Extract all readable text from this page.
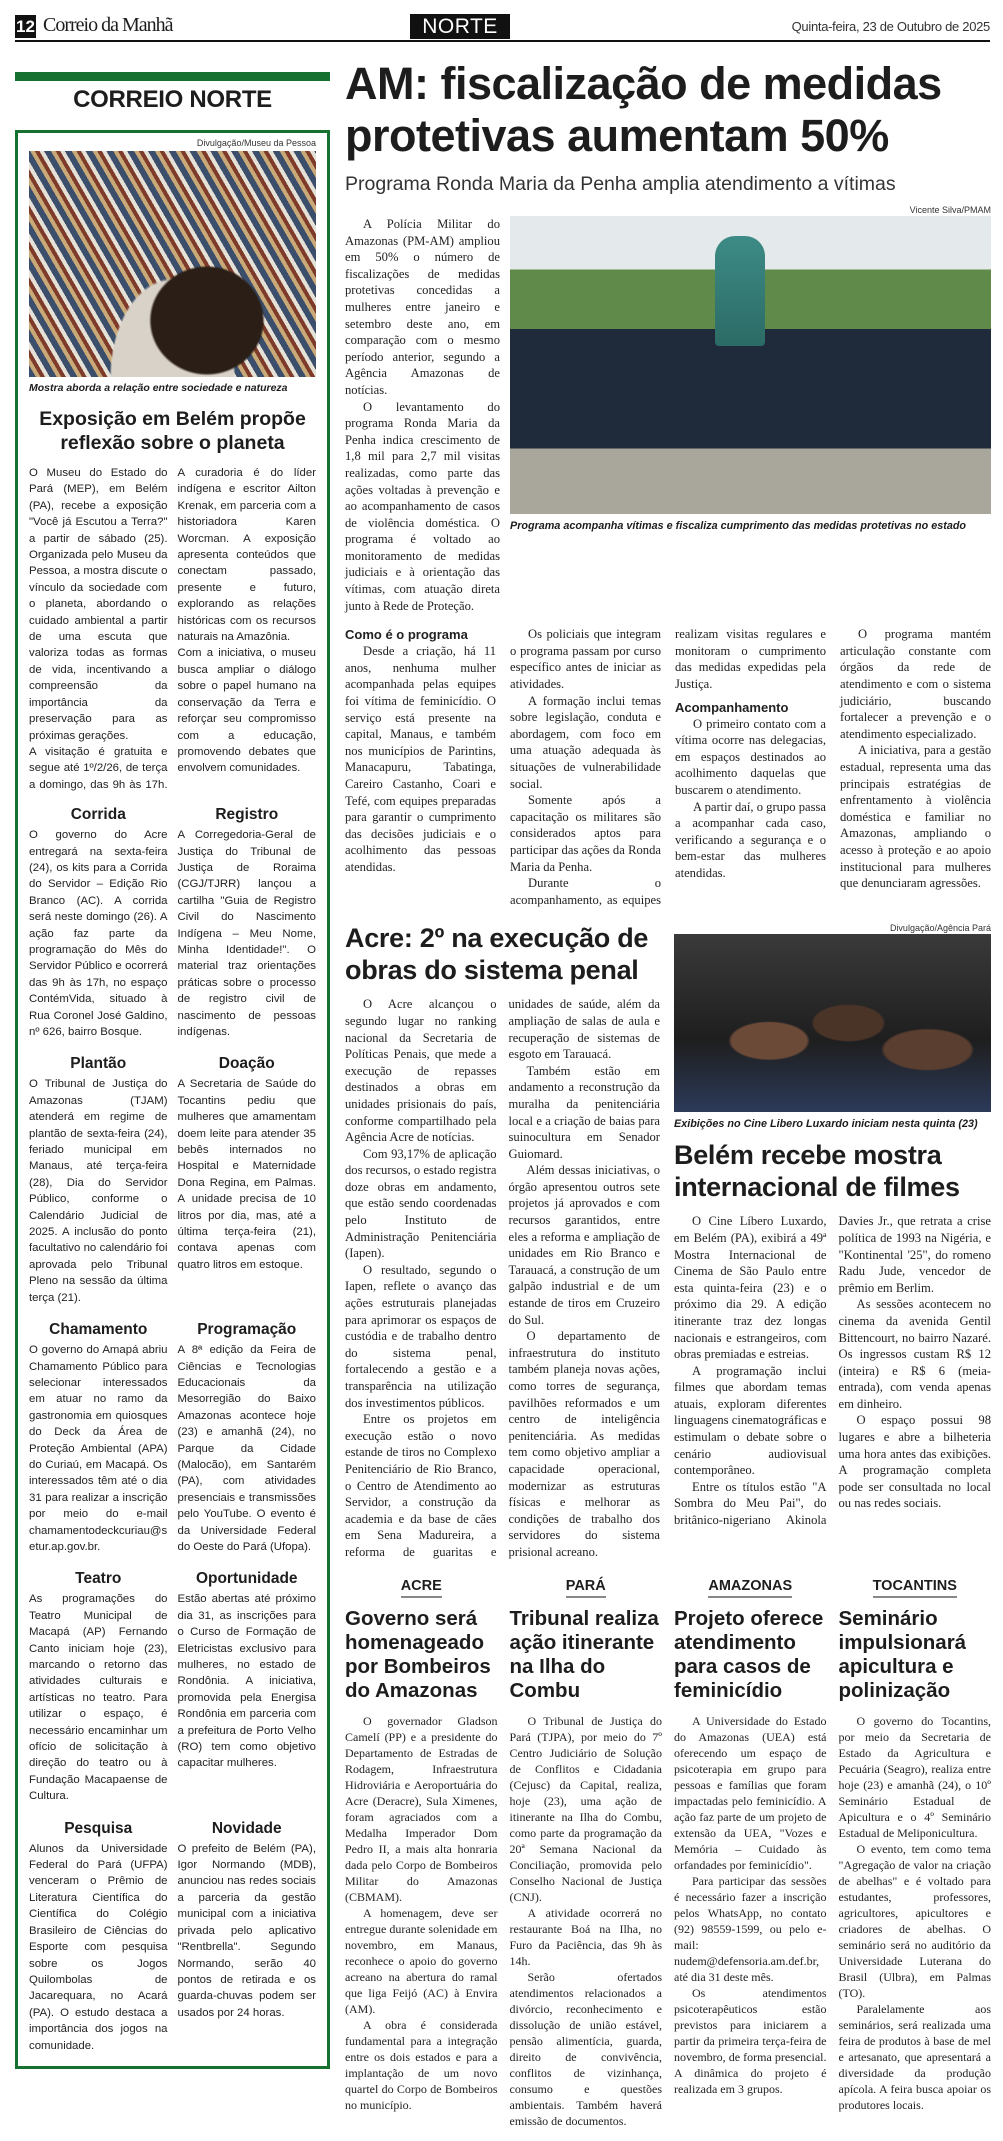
12 Correio da Manhã	NORTE	Quinta-feira, 23 de Outubro de 2025
CORREIO NORTE
Divulgação/Museu da Pessoa
Mostra aborda a relação entre sociedade e natureza
Exposição em Belém propõe reflexão sobre o planeta

O Museu do Estado do Pará (MEP), em Belém (PA), recebe a exposição "Você já Escutou a Terra?" a partir de sábado (25). Organizada pelo Museu da Pessoa, a mostra discute o vínculo da sociedade com o planeta, abordando o cuidado ambiental a partir de uma escuta que valoriza todas as formas de vida, incentivando a compreensão da importância da preservação para as próximas gerações.

A visitação é gratuita e segue até 1º/2/26, de terça a domingo, das 9h às 17h. A curadoria é do líder indígena e escritor Ailton Krenak, em parceria com a historiadora Karen Worcman. A exposição apresenta conteúdos que conectam passado, presente e futuro, explorando as relações históricas com os recursos naturais na Amazônia.

Com a iniciativa, o museu busca ampliar o diálogo sobre o papel humano na conservação da Terra e reforçar seu compromisso com a educação, promovendo debates que envolvem comunidades.

Corrida

O governo do Acre entregará na sexta-feira (24), os kits para a Corrida do Servidor – Edição Rio Branco (AC). A corrida será neste domingo (26). A ação faz parte da programação do Mês do Servidor Público e ocorrerá das 9h às 17h, no espaço ContémVida, situado à Rua Coronel José Galdino, nº 626, bairro Bosque.

Registro

A Corregedoria-Geral de Justiça do Tribunal de Justiça de Roraima (CGJ/TJRR) lançou a cartilha "Guia de Registro Civil do Nascimento Indígena – Meu Nome, Minha Identidade!". O material traz orientações práticas sobre o processo de registro civil de nascimento de pessoas indígenas.

Plantão

O Tribunal de Justiça do Amazonas (TJAM) atenderá em regime de plantão de sexta-feira (24), feriado municipal em Manaus, até terça-feira (28), Dia do Servidor Público, conforme o Calendário Judicial de 2025. A inclusão do ponto facultativo no calendário foi aprovada pelo Tribunal Pleno na sessão da última terça (21).

Doação

A Secretaria de Saúde do Tocantins pediu que mulheres que amamentam doem leite para atender 35 bebês internados no Hospital e Maternidade Dona Regina, em Palmas. A unidade precisa de 10 litros por dia, mas, até a última terça-feira (21), contava apenas com quatro litros em estoque.

Chamamento

O governo do Amapá abriu Chamamento Público para selecionar interessados em atuar no ramo da gastronomia em quiosques do Deck da Área de Proteção Ambiental (APA) do Curiaú, em Macapá. Os interessados têm até o dia 31 para realizar a inscrição por meio do e-mail chamamentodeckcuriau@setur.ap.gov.br.

Programação

A 8ª edição da Feira de Ciências e Tecnologias Educacionais da Mesorregião do Baixo Amazonas acontece hoje (23) e amanhã (24), no Parque da Cidade (Malocão), em Santarém (PA), com atividades presenciais e transmissões pelo YouTube. O evento é da Universidade Federal do Oeste do Pará (Ufopa).

Teatro

As programações do Teatro Municipal de Macapá (AP) Fernando Canto iniciam hoje (23), marcando o retorno das atividades culturais e artísticas no teatro. Para utilizar o espaço, é necessário encaminhar um ofício de solicitação à direção do teatro ou à Fundação Macapaense de Cultura.

Oportunidade

Estão abertas até próximo dia 31, as inscrições para o Curso de Formação de Eletricistas exclusivo para mulheres, no estado de Rondônia. A iniciativa, promovida pela Energisa Rondônia em parceria com a prefeitura de Porto Velho (RO) tem como objetivo capacitar mulheres.

Pesquisa

Alunos da Universidade Federal do Pará (UFPA) venceram o Prêmio de Literatura Científica do Científica do Colégio Brasileiro de Ciências do Esporte com pesquisa sobre os Jogos Quilombolas de Jacarequara, no Acará (PA). O estudo destaca a importância dos jogos na comunidade.

Novidade

O prefeito de Belém (PA), Igor Normando (MDB), anunciou nas redes sociais a parceria da gestão municipal com a iniciativa privada pelo aplicativo "Rentbrella". Segundo Normando, serão 40 pontos de retirada e os guarda-chuvas podem ser usados por 24 horas.

AM: fiscalização de medidas protetivas aumentam 50%
Programa Ronda Maria da Penha amplia atendimento a vítimas

A Polícia Militar do Amazonas (PM-AM) ampliou em 50% o número de fiscalizações de medidas protetivas concedidas a mulheres entre janeiro e setembro deste ano, em comparação com o mesmo período anterior, segundo a Agência Amazonas de notícias.

O levantamento do programa Ronda Maria da Penha indica crescimento de 1,8 mil para 2,7 mil visitas realizadas, como parte das ações voltadas à prevenção e ao acompanhamento de casos de violência doméstica. O programa é voltado ao monitoramento de medidas judiciais e à orientação das vítimas, com atuação direta junto à Rede de Proteção.

Vicente Silva/PMAM
Programa acompanha vítimas e fiscaliza cumprimento das medidas protetivas no estado
Como é o programa

Desde a criação, há 11 anos, nenhuma mulher acompanhada pelas equipes foi vítima de feminicídio. O serviço está presente na capital, Manaus, e também nos municípios de Parintins, Manacapuru, Tabatinga, Careiro Castanho, Coari e Tefé, com equipes preparadas para garantir o cumprimento das decisões judiciais e o acolhimento das pessoas atendidas.

Os policiais que integram o programa passam por curso específico antes de iniciar as atividades.

A formação inclui temas sobre legislação, conduta e abordagem, com foco em uma atuação adequada às situações de vulnerabilidade social.

Somente após a capacitação os militares são considerados aptos para participar das ações da Ronda Maria da Penha.

Durante o acompanhamento, as equipes realizam visitas regulares e monitoram o cumprimento das medidas expedidas pela Justiça.

Acompanhamento

O primeiro contato com a vítima ocorre nas delegacias, em espaços destinados ao acolhimento daquelas que buscarem o atendimento.

A partir daí, o grupo passa a acompanhar cada caso, verificando a segurança e o bem-estar das mulheres atendidas.

O programa mantém articulação constante com órgãos da rede de atendimento e com o sistema judiciário, buscando fortalecer a prevenção e o atendimento especializado.

A iniciativa, para a gestão estadual, representa uma das principais estratégias de enfrentamento à violência doméstica e familiar no Amazonas, ampliando o acesso à proteção e ao apoio institucional para mulheres que denunciaram agressões.

Acre: 2º na execução de obras do sistema penal

O Acre alcançou o segundo lugar no ranking nacional da Secretaria de Políticas Penais, que mede a execução de repasses destinados a obras em unidades prisionais do país, conforme compartilhado pela Agência Acre de notícias.

Com 93,17% de aplicação dos recursos, o estado registra doze obras em andamento, que estão sendo coordenadas pelo Instituto de Administração Penitenciária (Iapen).

O resultado, segundo o Iapen, reflete o avanço das ações estruturais planejadas para aprimorar os espaços de custódia e de trabalho dentro do sistema penal, fortalecendo a gestão e a transparência na utilização dos investimentos públicos.

Entre os projetos em execução estão o novo estande de tiros no Complexo Penitenciário de Rio Branco, o Centro de Atendimento ao Servidor, a construção da academia e da base de cães em Sena Madureira, a reforma de guaritas e unidades de saúde, além da ampliação de salas de aula e recuperação de sistemas de esgoto em Tarauacá.

Também estão em andamento a reconstrução da muralha da penitenciária local e a criação de baias para suinocultura em Senador Guiomard.

Além dessas iniciativas, o órgão apresentou outros sete projetos já aprovados e com recursos garantidos, entre eles a reforma e ampliação de unidades em Rio Branco e Tarauacá, a construção de um galpão industrial e de um estande de tiros em Cruzeiro do Sul.

O departamento de infraestrutura do instituto também planeja novas ações, como torres de segurança, pavilhões reformados e um centro de inteligência penitenciária. As medidas tem como objetivo ampliar a capacidade operacional, modernizar as estruturas físicas e melhorar as condições de trabalho dos servidores do sistema prisional acreano.

Divulgação/Agência Pará
Exibições no Cine Libero Luxardo iniciam nesta quinta (23)
Belém recebe mostra internacional de filmes

O Cine Líbero Luxardo, em Belém (PA), exibirá a 49ª Mostra Internacional de Cinema de São Paulo entre esta quinta-feira (23) e o próximo dia 29. A edição itinerante traz dez longas nacionais e estrangeiros, com obras premiadas e estreias.

A programação inclui filmes que abordam temas atuais, exploram diferentes linguagens cinematográficas e estimulam o debate sobre o cenário audiovisual contemporâneo.

Entre os títulos estão "A Sombra do Meu Pai", do britânico-nigeriano Akinola Davies Jr., que retrata a crise política de 1993 na Nigéria, e "Kontinental '25", do romeno Radu Jude, vencedor de prêmio em Berlim.

As sessões acontecem no cinema da avenida Gentil Bittencourt, no bairro Nazaré. Os ingressos custam R$ 12 (inteira) e R$ 6 (meia-entrada), com venda apenas em dinheiro.

O espaço possui 98 lugares e abre a bilheteria uma hora antes das exibições. A programação completa pode ser consultada no local ou nas redes sociais.

ACRE
Governo será homenageado por Bombeiros do Amazonas

O governador Gladson Camelí (PP) e a presidente do Departamento de Estradas de Rodagem, Infraestrutura Hidroviária e Aeroportuária do Acre (Deracre), Sula Ximenes, foram agraciados com a Medalha Imperador Dom Pedro II, a mais alta honraria dada pelo Corpo de Bombeiros Militar do Amazonas (CBMAM).

A homenagem, deve ser entregue durante solenidade em novembro, em Manaus, reconhece o apoio do governo acreano na abertura do ramal que liga Feijó (AC) à Envira (AM).

A obra é considerada fundamental para a integração entre os dois estados e para a implantação de um novo quartel do Corpo de Bombeiros no município.

PARÁ
Tribunal realiza ação itinerante na Ilha do Combu

O Tribunal de Justiça do Pará (TJPA), por meio do 7º Centro Judiciário de Solução de Conflitos e Cidadania (Cejusc) da Capital, realiza, hoje (23), uma ação de itinerante na Ilha do Combu, como parte da programação da 20ª Semana Nacional da Conciliação, promovida pelo Conselho Nacional de Justiça (CNJ).

A atividade ocorrerá no restaurante Boá na Ilha, no Furo da Paciência, das 9h às 14h.

Serão ofertados atendimentos relacionados a divórcio, reconhecimento e dissolução de união estável, pensão alimentícia, guarda, direito de convivência, conflitos de vizinhança, consumo e questões ambientais. Também haverá emissão de documentos.

AMAZONAS
Projeto oferece atendimento para casos de feminicídio

A Universidade do Estado do Amazonas (UEA) está oferecendo um espaço de psicoterapia em grupo para pessoas e famílias que foram impactadas pelo feminicídio. A ação faz parte de um projeto de extensão da UEA, "Vozes e Memória – Cuidado às orfandades por feminicídio".

Para participar das sessões é necessário fazer a inscrição pelos WhatsApp, no contato (92) 98559-1599, ou pelo e-mail: nudem@defensoria.am.def.br, até dia 31 deste mês.

Os atendimentos psicoterapêuticos estão previstos para iniciarem a partir da primeira terça-feira de novembro, de forma presencial. A dinâmica do projeto é realizada em 3 grupos.

TOCANTINS
Seminário impulsionará apicultura e polinização

O governo do Tocantins, por meio da Secretaria de Estado da Agricultura e Pecuária (Seagro), realiza entre hoje (23) e amanhã (24), o 10º Seminário Estadual de Apicultura e o 4º Seminário Estadual de Meliponicultura.

O evento, tem como tema "Agregação de valor na criação de abelhas" e é voltado para estudantes, professores, agricultores, apicultores e criadores de abelhas. O seminário será no auditório da Universidade Luterana do Brasil (Ulbra), em Palmas (TO).

Paralelamente aos seminários, será realizada uma feira de produtos à base de mel e artesanato, que apresentará a diversidade da produção apícola. A feira busca apoiar os produtores locais.
